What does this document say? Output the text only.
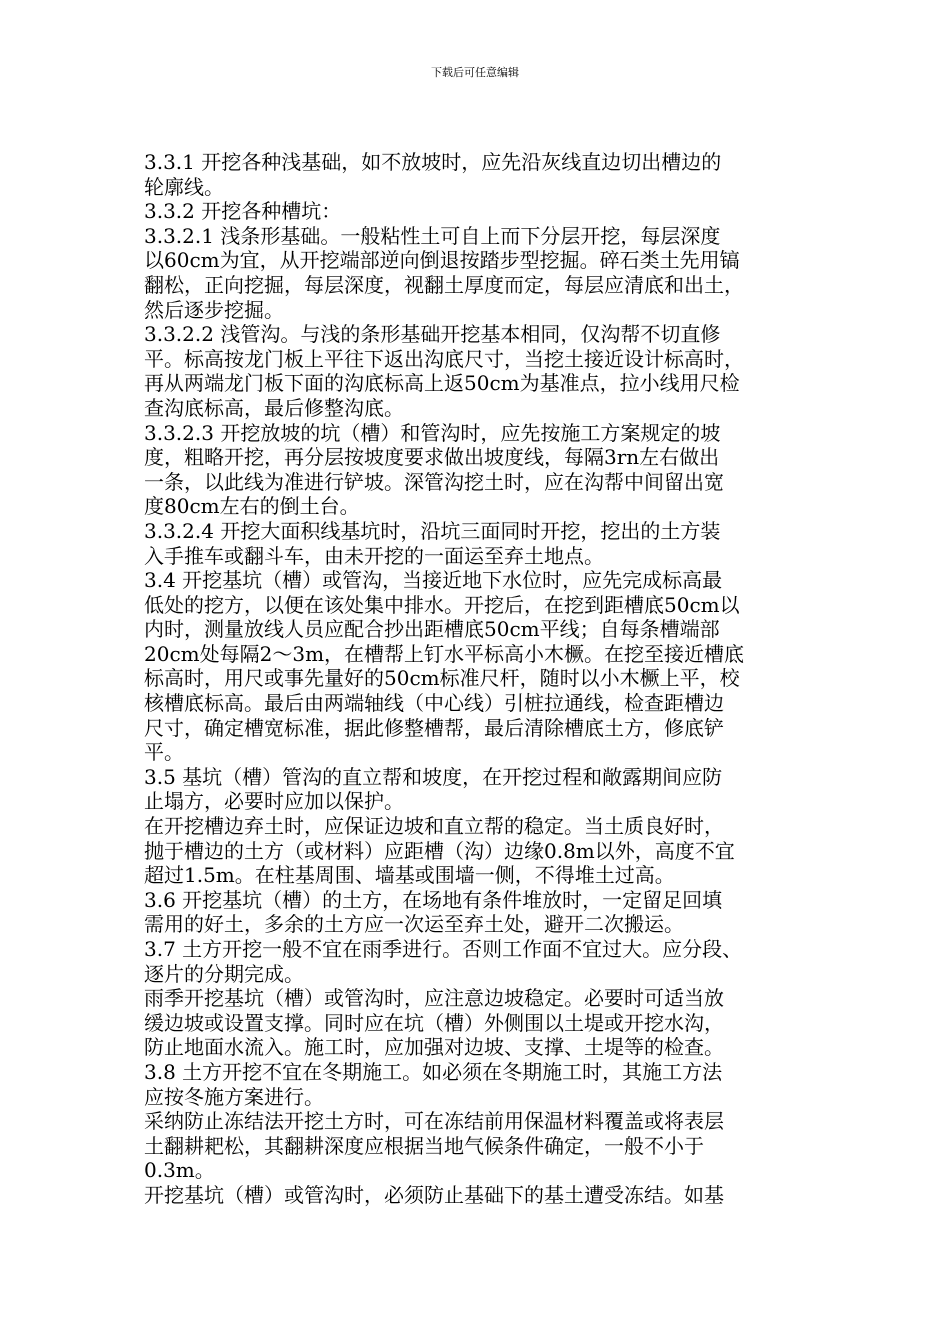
下载后可任意编辑
3.3.1 开挖各种浅基础，如不放坡时，应先沿灰线直边切出槽边的
轮廓线。
3.3.2 开挖各种槽坑：
3.3.2.1 浅条形基础。一般粘性土可自上而下分层开挖，每层深度
以60cm为宜，从开挖端部逆向倒退按踏步型挖掘。碎石类土先用镐
翻松，正向挖掘，每层深度，视翻土厚度而定，每层应清底和出土，
然后逐步挖掘。
3.3.2.2 浅管沟。与浅的条形基础开挖基本相同，仅沟帮不切直修
平。标高按龙门板上平往下返出沟底尺寸，当挖土接近设计标高时，
再从两端龙门板下面的沟底标高上返50cm为基准点，拉小线用尺检
查沟底标高，最后修整沟底。
3.3.2.3 开挖放坡的坑（槽）和管沟时，应先按施工方案规定的坡
度，粗略开挖，再分层按坡度要求做出坡度线，每隔3rn左右做出
一条，以此线为准进行铲坡。深管沟挖土时，应在沟帮中间留出宽
度80cm左右的倒土台。
3.3.2.4 开挖大面积线基坑时，沿坑三面同时开挖，挖出的土方装
入手推车或翻斗车，由未开挖的一面运至弃土地点。
3.4 开挖基坑（槽）或管沟，当接近地下水位时，应先完成标高最
低处的挖方，以便在该处集中排水。开挖后，在挖到距槽底50cm以
内时，测量放线人员应配合抄出距槽底50cm平线；自每条槽端部
20cm处每隔2～3m，在槽帮上钉水平标高小木橛。在挖至接近槽底
标高时，用尺或事先量好的50cm标准尺杆，随时以小木橛上平，校
核槽底标高。最后由两端轴线（中心线）引桩拉通线，检查距槽边
尺寸，确定槽宽标准，据此修整槽帮，最后清除槽底土方，修底铲
平。
3.5 基坑（槽）管沟的直立帮和坡度，在开挖过程和敞露期间应防
止塌方，必要时应加以保护。
在开挖槽边弃土时，应保证边坡和直立帮的稳定。当土质良好时，
抛于槽边的土方（或材料）应距槽（沟）边缘0.8m以外，高度不宜
超过1.5m。在柱基周围、墙基或围墙一侧，不得堆土过高。
3.6 开挖基坑（槽）的土方，在场地有条件堆放时，一定留足回填
需用的好土，多余的土方应一次运至弃土处，避开二次搬运。
3.7 土方开挖一般不宜在雨季进行。否则工作面不宜过大。应分段、
逐片的分期完成。
雨季开挖基坑（槽）或管沟时，应注意边坡稳定。必要时可适当放
缓边坡或设置支撑。同时应在坑（槽）外侧围以土堤或开挖水沟，
防止地面水流入。施工时，应加强对边坡、支撑、土堤等的检查。
3.8 土方开挖不宜在冬期施工。如必须在冬期施工时，其施工方法
应按冬施方案进行。
采纳防止冻结法开挖土方时，可在冻结前用保温材料覆盖或将表层
土翻耕耙松，其翻耕深度应根据当地气候条件确定，一般不小于
0.3m。
开挖基坑（槽）或管沟时，必须防止基础下的基土遭受冻结。如基
